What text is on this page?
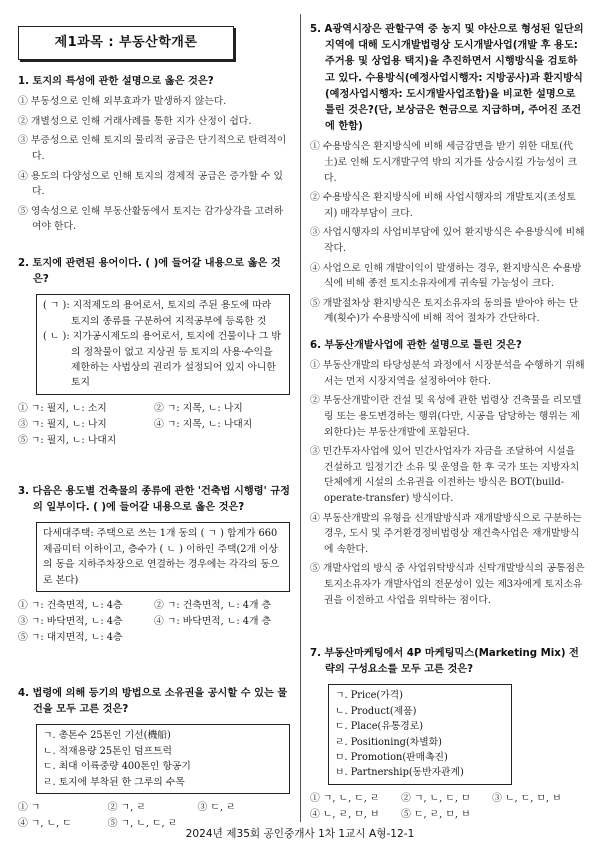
제1과목 : 부동산학개론
1. 토지의 특성에 관한 설명으로 옳은 것은?
① 부동성으로 인해 외부효과가 발생하지 않는다.
② 개별성으로 인해 거래사례를 통한 지가 산정이 쉽다.
③ 부증성으로 인해 토지의 물리적 공급은 단기적으로 탄력적이다.
④ 용도의 다양성으로 인해 토지의 경제적 공급은 증가할 수 있다.
⑤ 영속성으로 인해 부동산활동에서 토지는 감가상각을 고려하여야 한다.
2. 토지에 관련된 용어이다. ( )에 들어갈 내용으로 옳은 것은?
( ㄱ ): 지적제도의 용어로서, 토지의 주된 용도에 따라 토지의 종류를 구분하여 지적공부에 등록한 것
( ㄴ ): 지가공시제도의 용어로서, 토지에 건물이나 그 밖의 정착물이 없고 지상권 등 토지의 사용·수익을 제한하는 사법상의 권리가 설정되어 있지 아니한 토지
① ㄱ: 필지, ㄴ: 소지	② ㄱ: 지목, ㄴ: 나지
③ ㄱ: 필지, ㄴ: 나지	④ ㄱ: 지목, ㄴ: 나대지
⑤ ㄱ: 필지, ㄴ: 나대지
3. 다음은 용도별 건축물의 종류에 관한 '건축법 시행령' 규정의 일부이다. ( )에 들어갈 내용으로 옳은 것은?
다세대주택: 주택으로 쓰는 1개 동의 ( ㄱ ) 합계가 660제곱미터 이하이고, 층수가 ( ㄴ ) 이하인 주택(2개 이상의 동을 지하주차장으로 연결하는 경우에는 각각의 동으로 본다)
① ㄱ: 건축면적, ㄴ: 4층	② ㄱ: 건축면적, ㄴ: 4개 층
③ ㄱ: 바닥면적, ㄴ: 4층	④ ㄱ: 바닥면적, ㄴ: 4개 층
⑤ ㄱ: 대지면적, ㄴ: 4층
4. 법령에 의해 등기의 방법으로 소유권을 공시할 수 있는 물건을 모두 고른 것은?
ㄱ. 총톤수 25톤인 기선(機船)
ㄴ. 적재용량 25톤인 덤프트럭
ㄷ. 최대 이륙중량 400톤인 항공기
ㄹ. 토지에 부착된 한 그루의 수목
① ㄱ	② ㄱ, ㄹ	③ ㄷ, ㄹ
④ ㄱ, ㄴ, ㄷ	⑤ ㄱ, ㄴ, ㄷ, ㄹ
5. A광역시장은 관할구역 중 농지 및 야산으로 형성된 일단의 지역에 대해 도시개발법령상 도시개발사업(개발 후 용도: 주거용 및 상업용 택지)을 추진하면서 시행방식을 검토하고 있다. 수용방식(예정사업시행자: 지방공사)과 환지방식(예정사업시행자: 도시개발사업조합)을 비교한 설명으로 틀린 것은?(단, 보상금은 현금으로 지급하며, 주어진 조건에 한함)
① 수용방식은 환지방식에 비해 세금감면을 받기 위한 대토(代土)로 인해 도시개발구역 밖의 지가를 상승시킬 가능성이 크다.
② 수용방식은 환지방식에 비해 사업시행자의 개발토지(조성토지) 매각부담이 크다.
③ 사업시행자의 사업비부담에 있어 환지방식은 수용방식에 비해 작다.
④ 사업으로 인해 개발이익이 발생하는 경우, 환지방식은 수용방식에 비해 종전 토지소유자에게 귀속될 가능성이 크다.
⑤ 개발절차상 환지방식은 토지소유자의 동의를 받아야 하는 단계(횟수)가 수용방식에 비해 적어 절차가 간단하다.
6. 부동산개발사업에 관한 설명으로 틀린 것은?
① 부동산개발의 타당성분석 과정에서 시장분석을 수행하기 위해서는 먼저 시장지역을 설정하여야 한다.
② 부동산개발이란 건설 및 육성에 관한 법령상 건축물을 리모델링 또는 용도변경하는 행위(다만, 시공을 담당하는 행위는 제외한다)는 부동산개발에 포함된다.
③ 민간투자사업에 있어 민간사업자가 자금을 조달하여 시설을 건설하고 일정기간 소유 및 운영을 한 후 국가 또는 지방자치단체에게 시설의 소유권을 이전하는 방식은 BOT(build-operate-transfer) 방식이다.
④ 부동산개발의 유형을 신개발방식과 재개발방식으로 구분하는 경우, 도시 및 주거환경정비법령상 재건축사업은 재개발방식에 속한다.
⑤ 개발사업의 방식 중 사업위탁방식과 신탁개발방식의 공통점은 토지소유자가 개발사업의 전문성이 있는 제3자에게 토지소유권을 이전하고 사업을 위탁하는 점이다.
7. 부동산마케팅에서 4P 마케팅믹스(Marketing Mix) 전략의 구성요소를 모두 고른 것은?
ㄱ. Price(가격)
ㄴ. Product(제품)
ㄷ. Place(유통경로)
ㄹ. Positioning(차별화)
ㅁ. Promotion(판매촉진)
ㅂ. Partnership(동반자관계)
① ㄱ, ㄴ, ㄷ, ㄹ	② ㄱ, ㄴ, ㄷ, ㅁ	③ ㄴ, ㄷ, ㅁ, ㅂ
④ ㄴ, ㄹ, ㅁ, ㅂ	⑤ ㄷ, ㄹ, ㅁ, ㅂ
2024년 제35회 공인중개사 1차 1교시 A형-12-1
